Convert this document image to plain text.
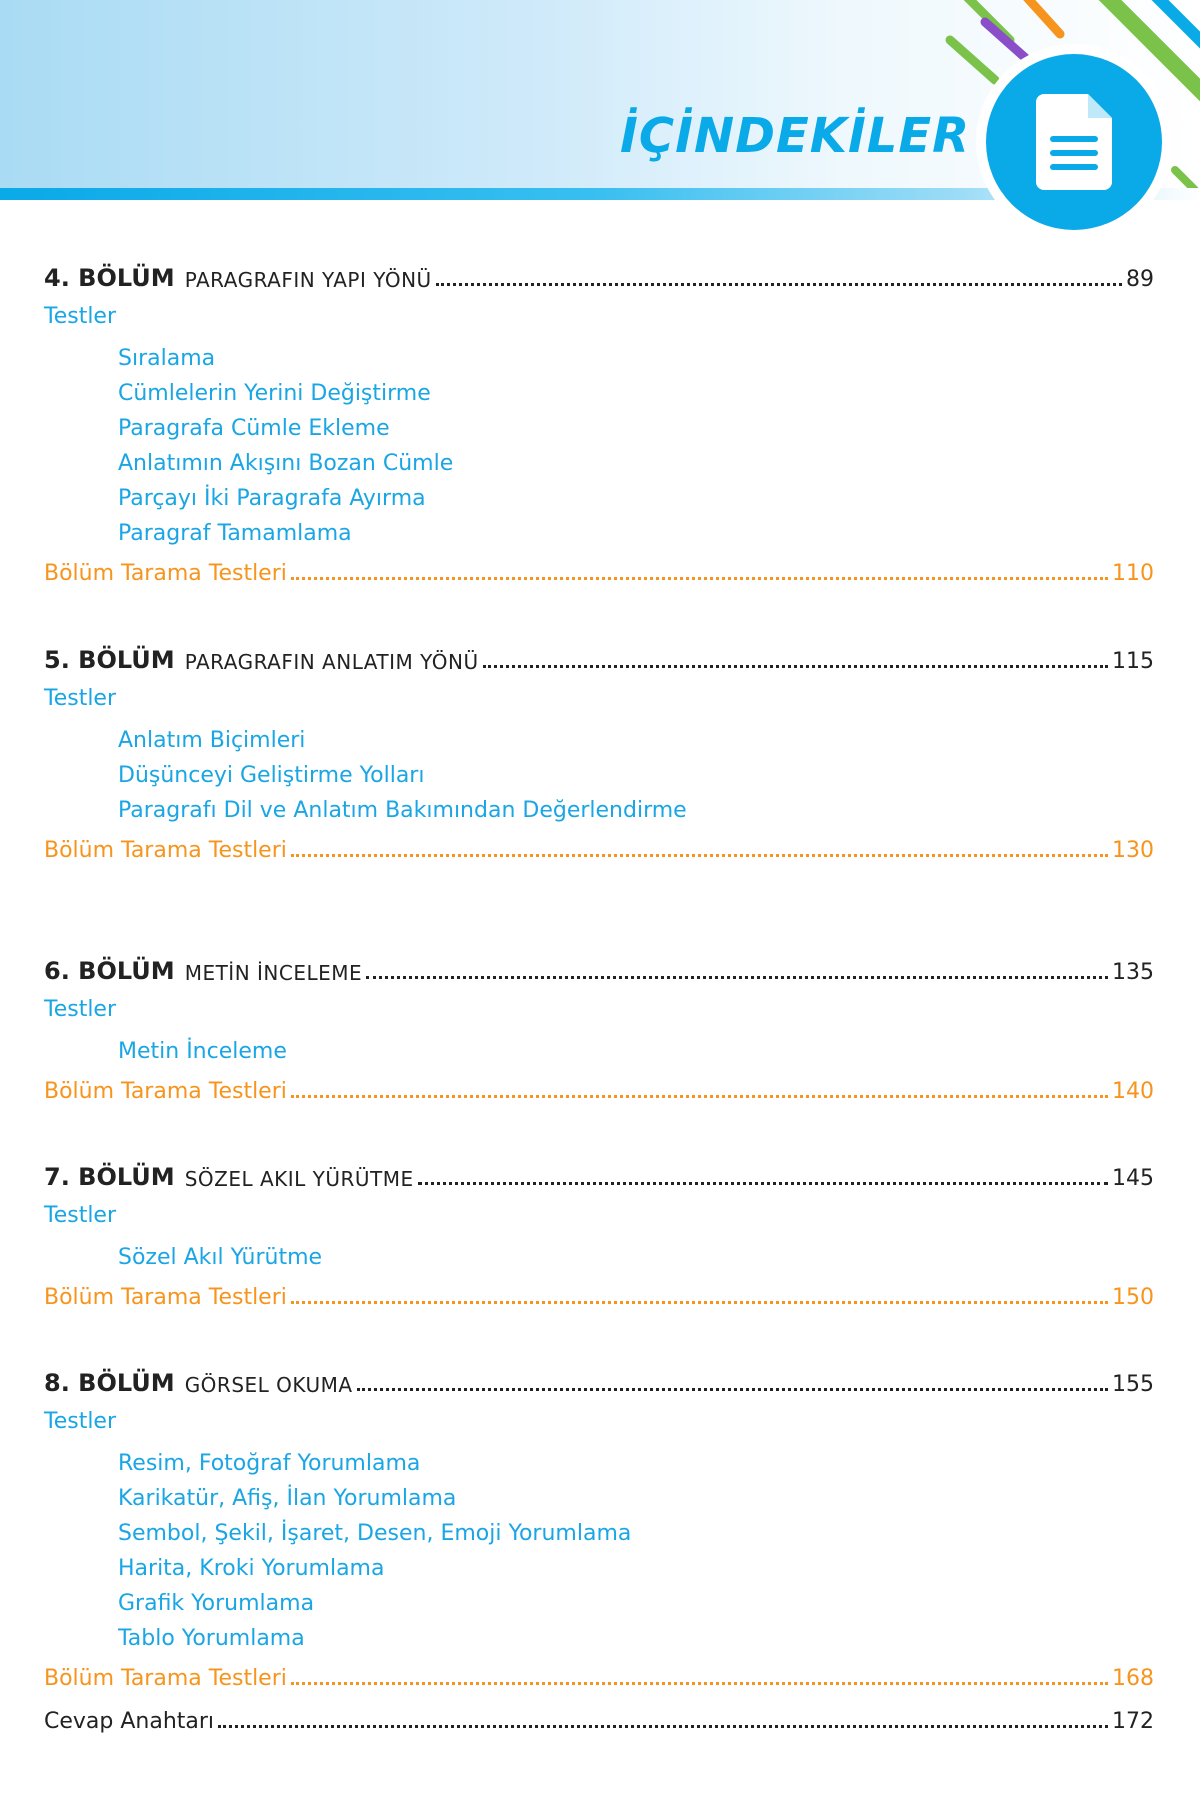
İÇİNDEKİLER
4. BÖLÜM PARAGRAFIN YAPI YÖNÜ	89
Testler
Sıralama
Cümlelerin Yerini Değiştirme
Paragrafa Cümle Ekleme
Anlatımın Akışını Bozan Cümle
Parçayı İki Paragrafa Ayırma
Paragraf Tamamlama
Bölüm Tarama Testleri	110
5. BÖLÜM PARAGRAFIN ANLATIM YÖNÜ	115
Testler
Anlatım Biçimleri
Düşünceyi Geliştirme Yolları
Paragrafı Dil ve Anlatım Bakımından Değerlendirme
Bölüm Tarama Testleri	130
6. BÖLÜM METİN İNCELEME	135
Testler
Metin İnceleme
Bölüm Tarama Testleri	140
7. BÖLÜM SÖZEL AKIL YÜRÜTME	145
Testler
Sözel Akıl Yürütme
Bölüm Tarama Testleri	150
8. BÖLÜM GÖRSEL OKUMA	155
Testler
Resim, Fotoğraf Yorumlama
Karikatür, Afiş, İlan Yorumlama
Sembol, Şekil, İşaret, Desen, Emoji Yorumlama
Harita, Kroki Yorumlama
Grafik Yorumlama
Tablo Yorumlama
Bölüm Tarama Testleri	168
Cevap Anahtarı	172
